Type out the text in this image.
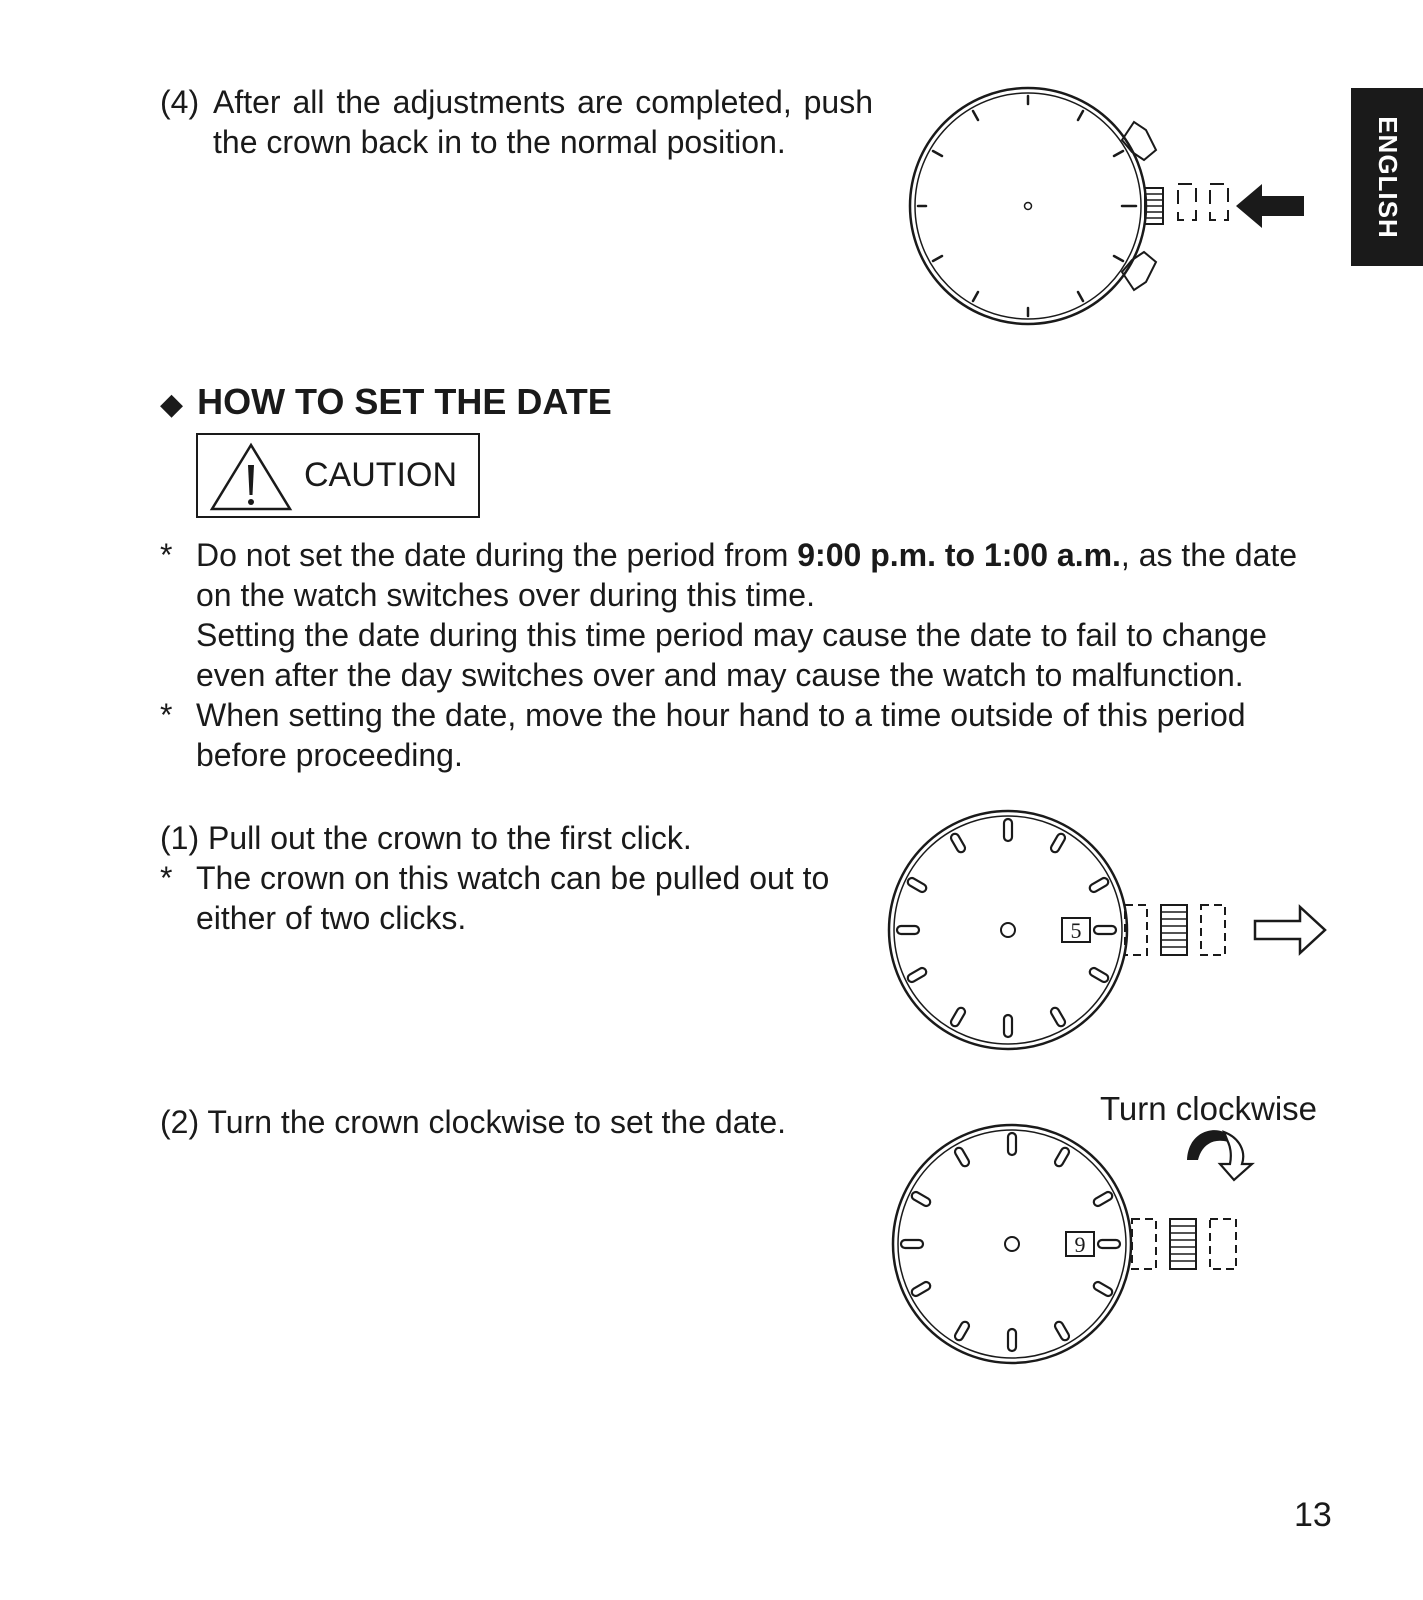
ENGLISH
(4) After all the adjustments are completed, push the crown back in to the normal position.
◆ HOW TO SET THE DATE
CAUTION
* Do not set the date during the period from 9:00 p.m. to 1:00 a.m., as the date on the watch switches over during this time.
Setting the date during this time period may cause the date to fail to change even after the day switches over and may cause the watch to malfunction.
* When setting the date, move the hour hand to a time outside of this period before proceeding.
(1) Pull out the crown to the first click.
* The crown on this watch can be pulled out to either of two clicks.	5
(2) Turn the crown clockwise to set the date.	Turn clockwise
9
13
